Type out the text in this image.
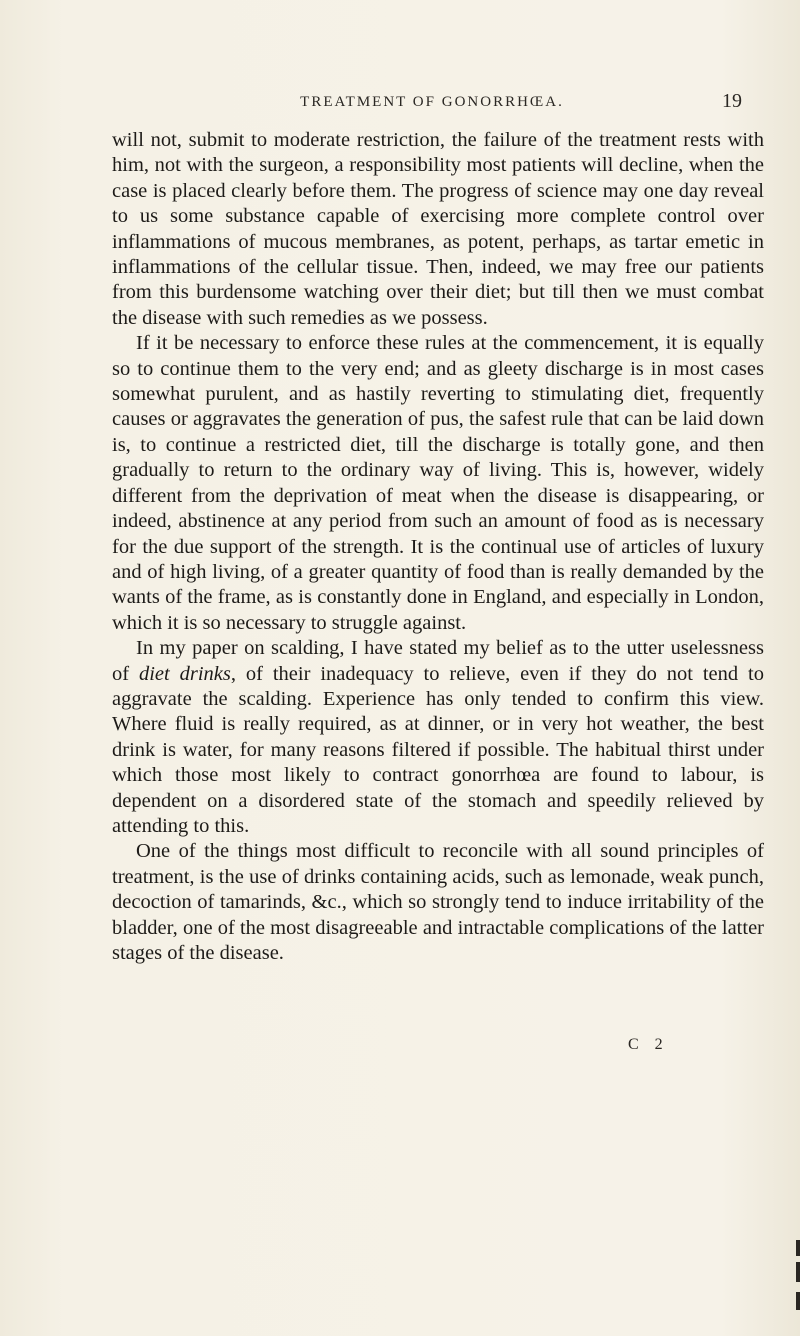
TREATMENT OF GONORRHŒA.	19

will not, submit to moderate restriction, the failure of the treatment rests with him, not with the surgeon, a responsibility most patients will decline, when the case is placed clearly before them. The progress of science may one day reveal to us some substance capable of exercising more complete control over inflammations of mucous membranes, as potent, perhaps, as tartar emetic in inflammations of the cellular tissue. Then, indeed, we may free our patients from this burdensome watching over their diet; but till then we must combat the disease with such remedies as we possess.

If it be necessary to enforce these rules at the commencement, it is equally so to continue them to the very end; and as gleety discharge is in most cases somewhat purulent, and as hastily reverting to stimulating diet, frequently causes or aggravates the generation of pus, the safest rule that can be laid down is, to continue a restricted diet, till the discharge is totally gone, and then gradually to return to the ordinary way of living. This is, however, widely different from the deprivation of meat when the disease is disappearing, or indeed, abstinence at any period from such an amount of food as is necessary for the due support of the strength. It is the continual use of articles of luxury and of high living, of a greater quantity of food than is really demanded by the wants of the frame, as is constantly done in England, and especially in London, which it is so necessary to struggle against.

In my paper on scalding, I have stated my belief as to the utter uselessness of diet drinks, of their inadequacy to relieve, even if they do not tend to aggravate the scalding. Experience has only tended to confirm this view. Where fluid is really required, as at dinner, or in very hot weather, the best drink is water, for many reasons filtered if possible. The habitual thirst under which those most likely to contract gonorrhœa are found to labour, is dependent on a disordered state of the stomach and speedily relieved by attending to this.

One of the things most difficult to reconcile with all sound principles of treatment, is the use of drinks containing acids, such as lemonade, weak punch, decoction of tamarinds, &c., which so strongly tend to induce irritability of the bladder, one of the most disagreeable and intractable complications of the latter stages of the disease.

C 2
